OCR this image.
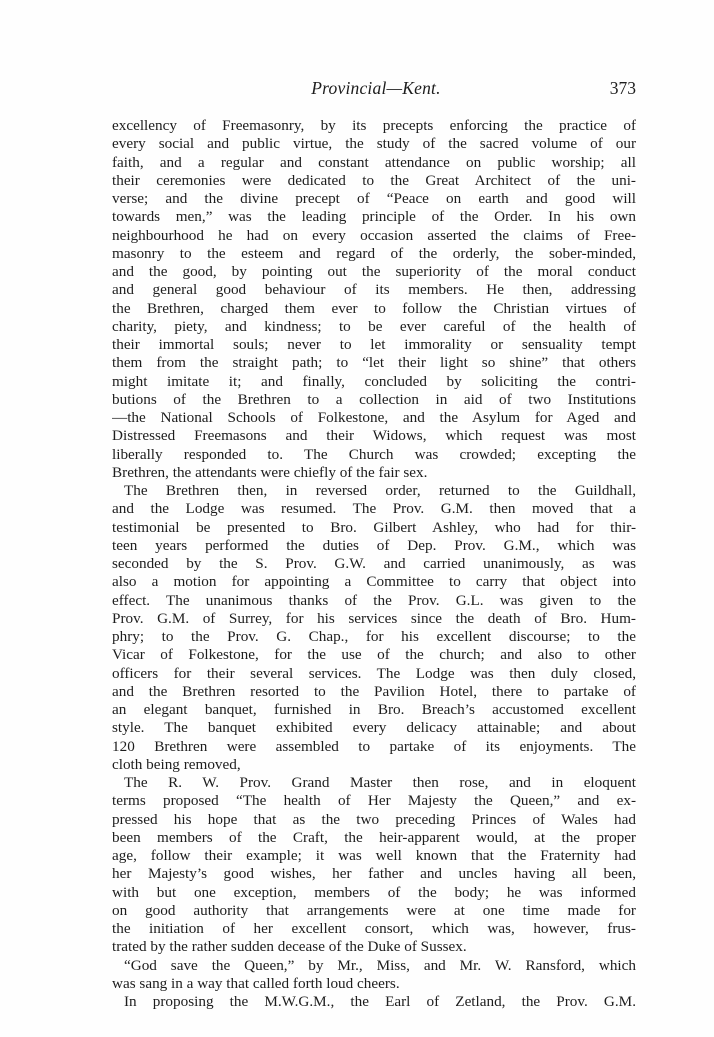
Provincial—Kent.	373
excellency of Freemasonry, by its precepts enforcing the practice of
every social and public virtue, the study of the sacred volume of our
faith, and a regular and constant attendance on public worship; all
their ceremonies were dedicated to the Great Architect of the uni-
verse; and the divine precept of “Peace on earth and good will
towards men,” was the leading principle of the Order. In his own
neighbourhood he had on every occasion asserted the claims of Free-
masonry to the esteem and regard of the orderly, the sober-minded,
and the good, by pointing out the superiority of the moral conduct
and general good behaviour of its members. He then, addressing
the Brethren, charged them ever to follow the Christian virtues of
charity, piety, and kindness; to be ever careful of the health of
their immortal souls; never to let immorality or sensuality tempt
them from the straight path; to “let their light so shine” that others
might imitate it; and finally, concluded by soliciting the contri-
butions of the Brethren to a collection in aid of two Institutions
—the National Schools of Folkestone, and the Asylum for Aged and
Distressed Freemasons and their Widows, which request was most
liberally responded to. The Church was crowded; excepting the
Brethren, the attendants were chiefly of the fair sex.
The Brethren then, in reversed order, returned to the Guildhall,
and the Lodge was resumed. The Prov. G.M. then moved that a
testimonial be presented to Bro. Gilbert Ashley, who had for thir-
teen years performed the duties of Dep. Prov. G.M., which was
seconded by the S. Prov. G.W. and carried unanimously, as was
also a motion for appointing a Committee to carry that object into
effect. The unanimous thanks of the Prov. G.L. was given to the
Prov. G.M. of Surrey, for his services since the death of Bro. Hum-
phry; to the Prov. G. Chap., for his excellent discourse; to the
Vicar of Folkestone, for the use of the church; and also to other
officers for their several services. The Lodge was then duly closed,
and the Brethren resorted to the Pavilion Hotel, there to partake of
an elegant banquet, furnished in Bro. Breach’s accustomed excellent
style. The banquet exhibited every delicacy attainable; and about
120 Brethren were assembled to partake of its enjoyments. The
cloth being removed,
The R. W. Prov. Grand Master then rose, and in eloquent
terms proposed “The health of Her Majesty the Queen,” and ex-
pressed his hope that as the two preceding Princes of Wales had
been members of the Craft, the heir-apparent would, at the proper
age, follow their example; it was well known that the Fraternity had
her Majesty’s good wishes, her father and uncles having all been,
with but one exception, members of the body; he was informed
on good authority that arrangements were at one time made for
the initiation of her excellent consort, which was, however, frus-
trated by the rather sudden decease of the Duke of Sussex.
“God save the Queen,” by Mr., Miss, and Mr. W. Ransford, which
was sang in a way that called forth loud cheers.
In proposing the M.W.G.M., the Earl of Zetland, the Prov. G.M.
